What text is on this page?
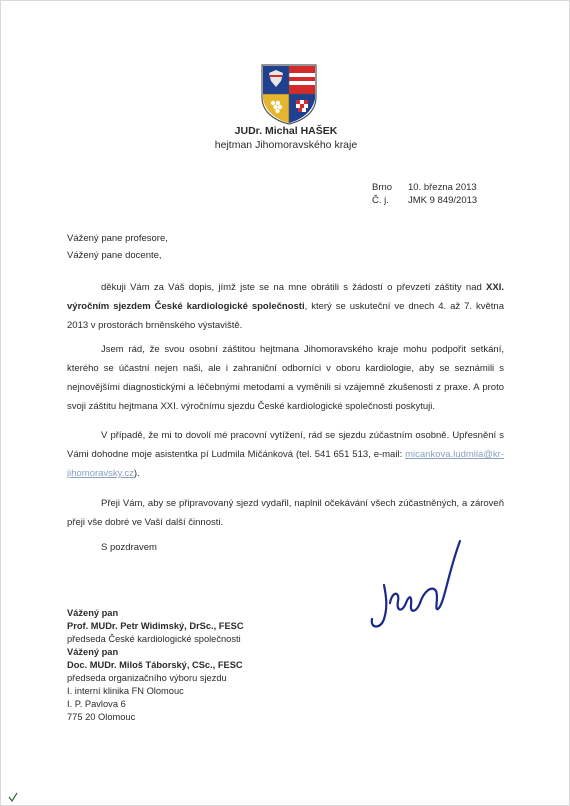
JUDr. Michal HAŠEK
hejtman Jihomoravského kraje
Brno 10. března 2013
Č. j.	JMK 9 849/2013
Vážený pane profesore,
Vážený pane docente,
děkuji Vám za Váš dopis, jímž jste se na mne obrátili s žádostí o převzetí záštity nad XXI. výročním sjezdem České kardiologické společnosti, který se uskuteční ve dnech 4. až 7. května 2013 v prostorách brněnského výstaviště.
Jsem rád, že svou osobní záštitou hejtmana Jihomoravského kraje mohu podpořit setkání, kterého se účastní nejen naši, ale i zahraniční odborníci v oboru kardiologie, aby se seznámili s nejnovějšími diagnostickými a léčebnými metodami a vyměnili si vzájemně zkušenosti z praxe. A proto svoji záštitu hejtmana XXI. výročnímu sjezdu České kardiologické společnosti poskytuji.
V případě, že mi to dovolí mé pracovní vytížení, rád se sjezdu zúčastním osobně. Upřesnění s Vámi dohodne moje asistentka pí Ludmila Mičánková (tel. 541 651 513, e-mail: micankova.ludmila@kr-jihomoravsky.cz).
Přeji Vám, aby se připravovaný sjezd vydařil, naplnil očekávání všech zúčastněných, a zároveň přeji vše dobré ve Vaší další činnosti.
S pozdravem
Vážený pan
Prof. MUDr. Petr Widimský, DrSc., FESC
předseda České kardiologické společnosti
Vážený pan
Doc. MUDr. Miloš Táborský, CSc., FESC
předseda organizačního výboru sjezdu
I. interní klinika FN Olomouc
I. P. Pavlova 6
775 20 Olomouc
